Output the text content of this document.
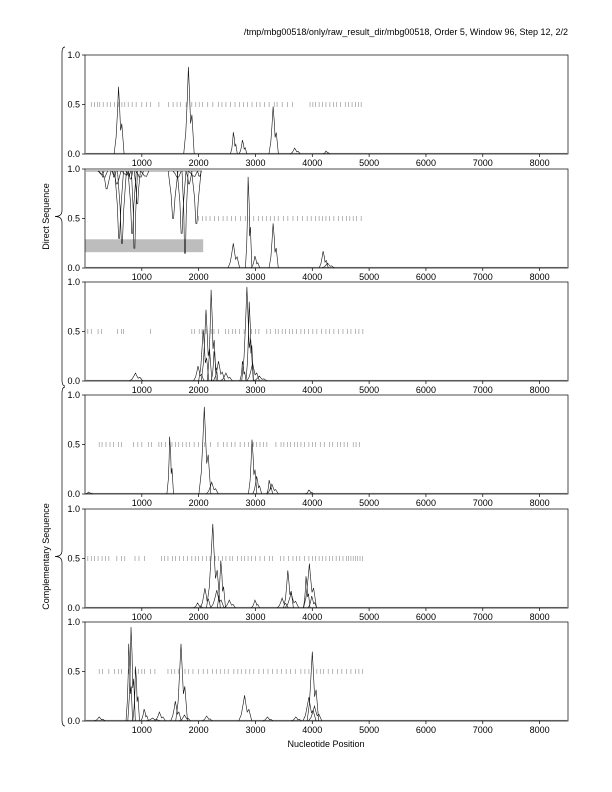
/tmp/mbg00518/only/raw_result_dir/mbg00518, Order 5, Window 96, Step 12, 2/2
Nucleotide Position
0.0
0.5
1.0
1000	2000	3000	4000	5000	6000	7000	8000
0.0
0.5
1.0
1000	2000	3000	4000	5000	6000	7000	8000
0.0
0.5
1.0
1000	2000	3000	4000	5000	6000	7000	8000
0.0
0.5
1.0
1000	2000	3000	4000	5000	6000	7000	8000
0.0
0.5
1.0
1000	2000	3000	4000	5000	6000	7000	8000
0.0
0.5
1.0
1000	2000	3000	4000	5000	6000	7000	8000
Direct Sequence
Complementary Sequence
